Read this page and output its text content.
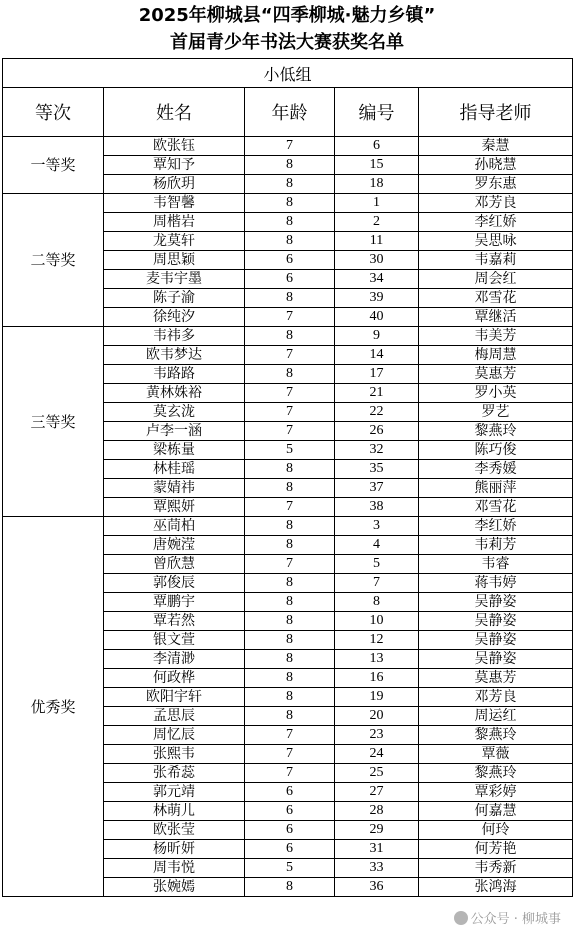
2025年柳城县“四季柳城·魅力乡镇”
首届青少年书法大赛获奖名单
小低组				
等次	姓名	年龄	编号	指导老师
一等奖	欧张钰	7	6	秦慧
	覃知予	8	15	孙晓慧
	杨欣玥	8	18	罗东惠
二等奖	韦智馨	8	1	邓芳良
	周楷岩	8	2	李红娇
	龙莫轩	8	11	吴思咏
	周思颖	6	30	韦嘉莉
	麦韦宇墨	6	34	周会红
	陈子渝	8	39	邓雪花
	徐纯汐	7	40	覃继活
三等奖	韦祎多	8	9	韦美芳
	欧韦梦达	7	14	梅周慧
	韦路路	8	17	莫惠芳
	黄林姝裕	7	21	罗小英
	莫玄泷	7	22	罗艺
	卢李一涵	7	26	黎燕玲
	梁栋量	5	32	陈巧俊
	林桂瑶	8	35	李秀媛
	蒙婧祎	8	37	熊丽萍
	覃熙妍	7	38	邓雪花
优秀奖	巫茼柏	8	3	李红娇
	唐婉滢	8	4	韦莉芳
	曾欣慧	7	5	韦睿
	郭俊辰	8	7	蒋韦婷
	覃鹏宇	8	8	吴静姿
	覃若然	8	10	吴静姿
	银文萱	8	12	吴静姿
	李清渺	8	13	吴静姿
	何政桦	8	16	莫惠芳
	欧阳宇轩	8	19	邓芳良
	孟思辰	8	20	周运红
	周忆辰	7	23	黎燕玲
	张熙韦	7	24	覃薇
	张希蕊	7	25	黎燕玲
	郭元靖	6	27	覃彩婷
	林萌儿	6	28	何嘉慧
	欧张莹	6	29	何玲
	杨昕妍	6	31	何芳艳
	周韦悦	5	33	韦秀新
	张婉嫣	8	36	张鸿海
公众号 · 柳城事
